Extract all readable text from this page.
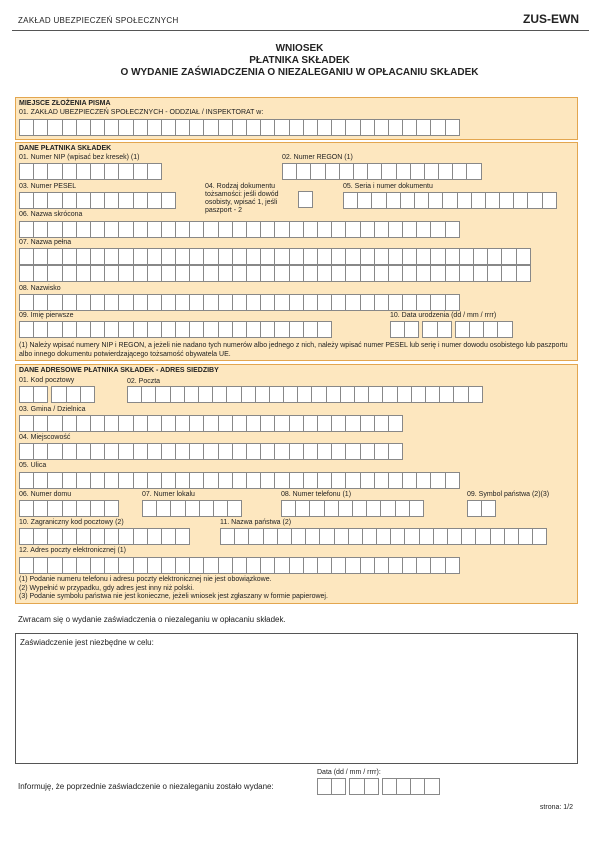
ZAKŁAD UBEZPIECZEŃ SPOŁECZNYCH	ZUS-EWN
WNIOSEK
PŁATNIKA SKŁADEK
O WYDANIE ZAŚWIADCZENIA O NIEZALEGANIU W OPŁACANIU SKŁADEK
MIEJSCE ZŁOŻENIA PISMA
01. ZAKŁAD UBEZPIECZEŃ SPOŁECZNYCH - ODDZIAŁ / INSPEKTORAT w:
DANE PŁATNIKA SKŁADEK
01. Numer NIP (wpisać bez kresek) (1)	02. Numer REGON (1)
03. Numer PESEL	04. Rodzaj dokumentu tożsamości: jeśli dowód osobisty, wpisać 1, jeśli paszport - 2
05. Seria i numer dokumentu
06. Nazwa skrócona
07. Nazwa pełna
08. Nazwisko
09. Imię pierwsze	10. Data urodzenia (dd / mm / rrrr)
(1) Należy wpisać numery NIP i REGON, a jeżeli nie nadano tych numerów albo jednego z nich, należy wpisać numer PESEL lub serię i numer dowodu osobistego lub paszportu albo innego dokumentu potwierdzającego tożsamość obywatela UE.
DANE ADRESOWE PŁATNIKA SKŁADEK - ADRES SIEDZIBY
01. Kod pocztowy	02. Poczta
03. Gmina / Dzielnica
04. Miejscowość
05. Ulica
06. Numer domu	07. Numer lokalu	08. Numer telefonu (1)	09. Symbol państwa (2)(3)
10. Zagraniczny kod pocztowy (2)	11. Nazwa państwa (2)
12. Adres poczty elektronicznej (1)
(1) Podanie numeru telefonu i adresu poczty elektronicznej nie jest obowiązkowe.
(2) Wypełnić w przypadku, gdy adres jest inny niż polski.
(3) Podanie symbolu państwa nie jest konieczne, jeżeli wniosek jest zgłaszany w formie papierowej.
Zwracam się o wydanie zaświadczenia o niezaleganiu w opłacaniu składek.
Zaświadczenie jest niezbędne w celu:
Data (dd / mm / rrrr):
Informuję, że poprzednie zaświadczenie o niezaleganiu zostało wydane:
strona: 1/2
